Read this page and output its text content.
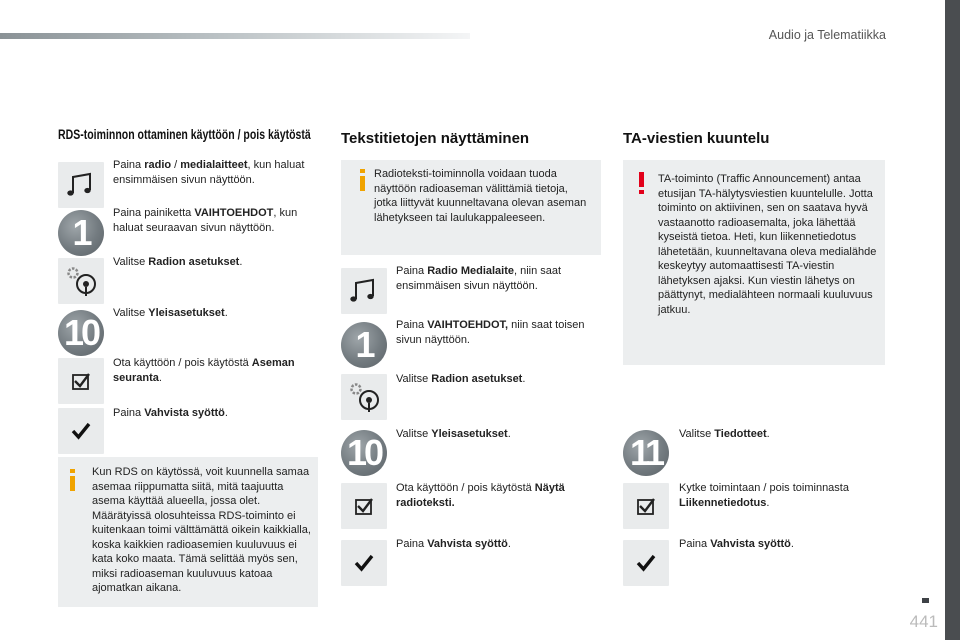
Audio ja Telematiikka
441
RDS-toiminnon ottaminen käyttöön / pois käytöstä
Paina radio / medialaitteet, kun haluat ensimmäisen sivun näyttöön.
1	Paina painiketta VAIHTOEHDOT, kun haluat seuraavan sivun näyttöön.
Valitse Radion asetukset.
10	Valitse Yleisasetukset.
Ota käyttöön / pois käytöstä Aseman seuranta.
Paina Vahvista syöttö.
Kun RDS on käytössä, voit kuunnella samaa asemaa riippumatta siitä, mitä taajuutta asema käyttää alueella, jossa olet. Määrätyissä olosuhteissa RDS-toiminto ei kuitenkaan toimi välttämättä oikein kaikkialla, koska kaikkien radioasemien kuuluvuus ei kata koko maata. Tämä selittää myös sen, miksi radioaseman kuuluvuus katoaa ajomatkan aikana.
Tekstitietojen näyttäminen
Radioteksti-toiminnolla voidaan tuoda näyttöön radioaseman välittämiä tietoja, jotka liittyvät kuunneltavana olevan aseman lähetykseen tai laulukappaleeseen.
Paina Radio Medialaite, niin saat ensimmäisen sivun näyttöön.
1	Paina VAIHTOEHDOT, niin saat toisen sivun näyttöön.
Valitse Radion asetukset.
10	Valitse Yleisasetukset.
Ota käyttöön / pois käytöstä Näytä radioteksti.
Paina Vahvista syöttö.
TA-viestien kuuntelu
TA-toiminto (Traffic Announcement) antaa etusijan TA-hälytysviestien kuuntelulle. Jotta toiminto on aktiivinen, sen on saatava hyvä vastaanotto radioasemalta, joka lähettää kyseistä tietoa. Heti, kun liikennetiedotus lähetetään, kuunneltavana oleva medialähde keskeytyy automaattisesti TA-viestin lähetyksen ajaksi. Kun viestin lähetys on päättynyt, medialähteen normaali kuuluvuus jatkuu.
11	Valitse Tiedotteet.
Kytke toimintaan / pois toiminnasta Liikennetiedotus.
Paina Vahvista syöttö.
